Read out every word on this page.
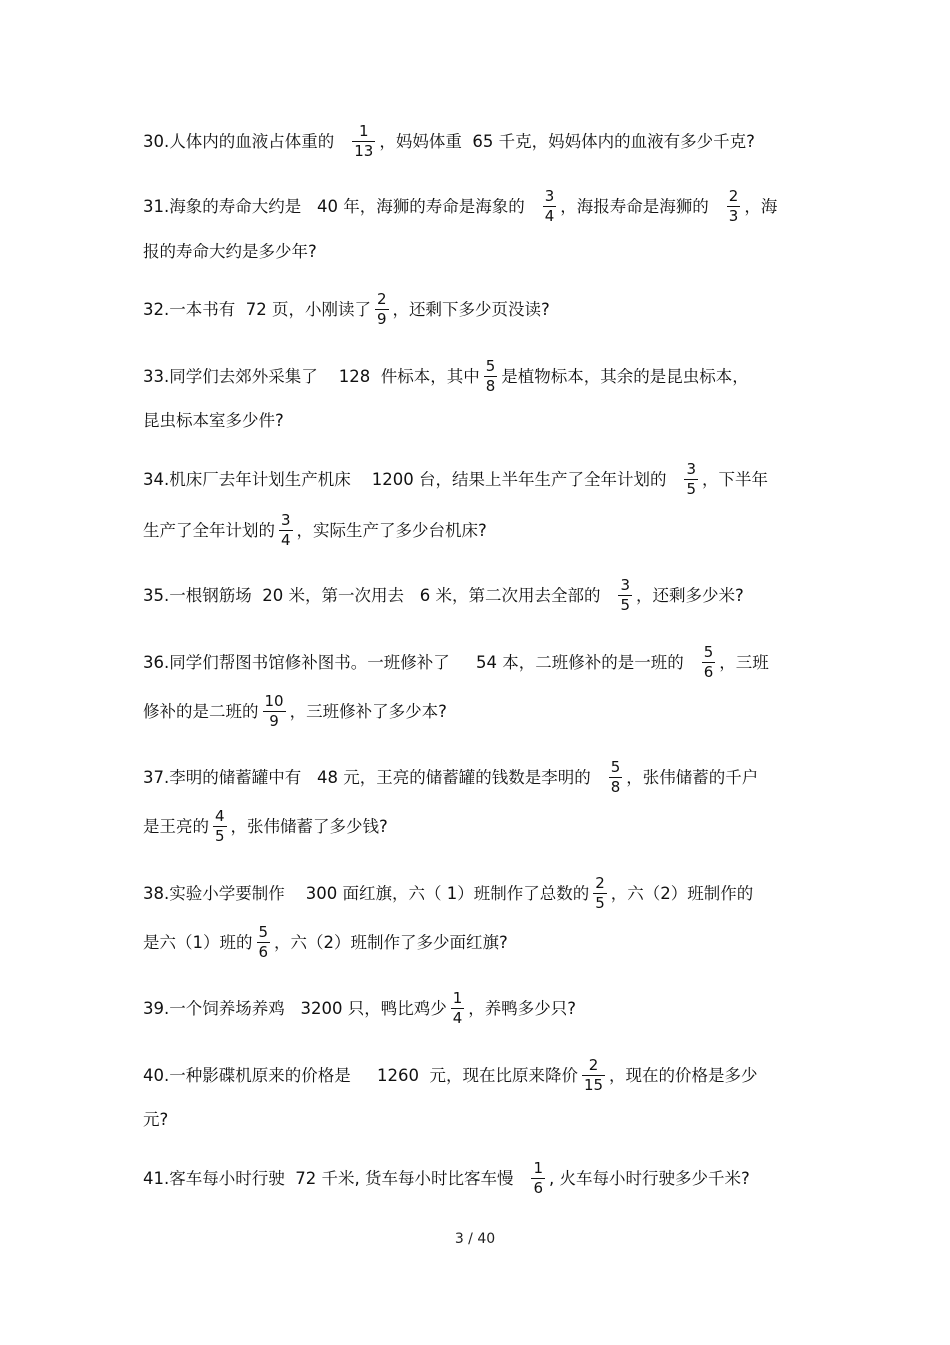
30.人体内的血液占体重的 $\frac{1}{13}$ ，妈妈体重  65 千克，妈妈体内的血液有多少千克?
31.海象的寿命大约是   40 年，海狮的寿命是海象的 $\frac{3}{4}$ ，海报寿命是海狮的 $\frac{2}{3}$ ，海
报的寿命大约是多少年?
32.一本书有  72 页，小刚读了 $\frac{2}{9}$ ，还剩下多少页没读?
33.同学们去郊外采集了    128  件标本，其中 $\frac{5}{8}$ 是植物标本，其余的是昆虫标本，
昆虫标本室多少件?
34.机床厂去年计划生产机床    1200 台，结果上半年生产了全年计划的 $\frac{3}{5}$ ，下半年
生产了全年计划的 $\frac{3}{4}$ ，实际生产了多少台机床?
35.一根钢筋场  20 米，第一次用去   6 米，第二次用去全部的 $\frac{3}{5}$ ，还剩多少米?
36.同学们帮图书馆修补图书。一班修补了     54 本，二班修补的是一班的 $\frac{5}{6}$ ，三班
修补的是二班的 $\frac{10}{9}$ ，三班修补了多少本?
37.李明的储蓄罐中有   48 元，王亮的储蓄罐的钱数是李明的 $\frac{5}{8}$ ，张伟储蓄的千户
是王亮的 $\frac{4}{5}$ ，张伟储蓄了多少钱?
38.实验小学要制作    300 面红旗，六（ 1）班制作了总数的 $\frac{2}{5}$ ，六（2）班制作的
是六（1）班的 $\frac{5}{6}$ ，六（2）班制作了多少面红旗?
39.一个饲养场养鸡   3200 只，鸭比鸡少 $\frac{1}{4}$ ，养鸭多少只?
40.一种影碟机原来的价格是     1260  元，现在比原来降价 $\frac{2}{15}$ ，现在的价格是多少
元?
41.客车每小时行驶  72 千米, 货车每小时比客车慢 $\frac{1}{6}$ , 火车每小时行驶多少千米?
3 / 40
